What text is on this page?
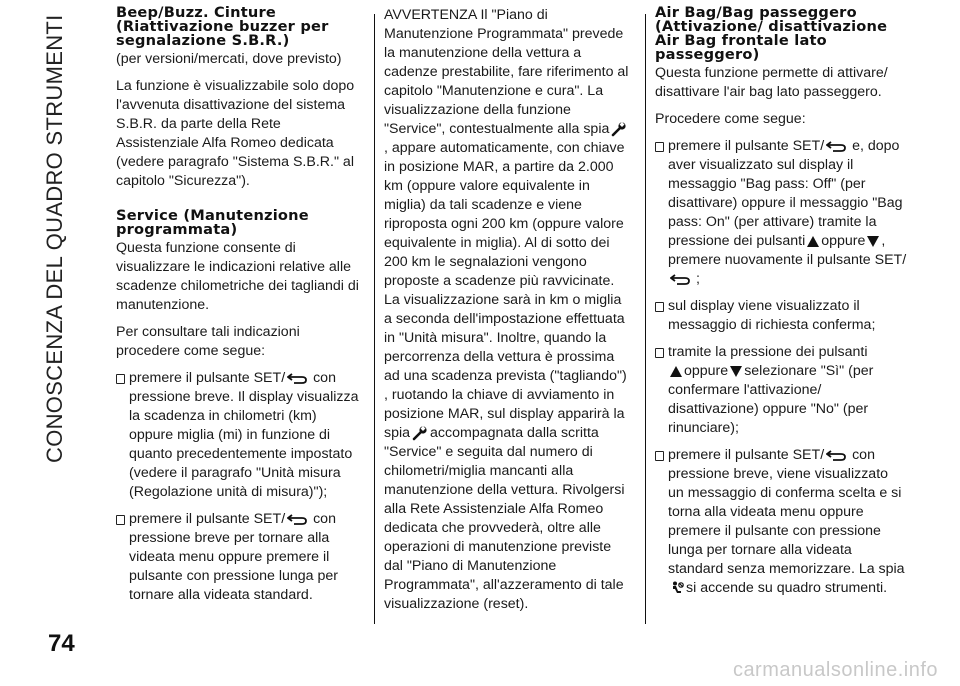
CONOSCENZA DEL QUADRO STRUMENTI
74
Beep/Buzz. Cinture (Riattivazione buzzer per segnalazione S.B.R.)

(per versioni/mercati, dove previsto)

La funzione è visualizzabile solo dopo l'avvenuta disattivazione del sistema S.B.R. da parte della Rete Assistenziale Alfa Romeo dedicata (vedere paragrafo "Sistema S.B.R." al capitolo "Sicurezza").

Service (Manutenzione programmata)

Questa funzione consente di visualizzare le indicazioni relative alle scadenze chilometriche dei tagliandi di manutenzione.

Per consultare tali indicazioni procedere come segue:

premere il pulsante SET/
con pressione breve. Il display visualizza la scadenza in chilometri (km) oppure miglia (mi) in funzione di quanto precedentemente impostato (vedere il paragrafo "Unità misura (Regolazione unità di misura)");
premere il pulsante SET/
con pressione breve per tornare alla videata menu oppure premere il pulsante con pressione lunga per tornare alla videata standard.

AVVERTENZA Il "Piano di Manutenzione Programmata" prevede la manutenzione della vettura a cadenze prestabilite, fare riferimento al capitolo "Manutenzione e cura". La visualizzazione della funzione "Service", contestualmente alla spia
, appare automaticamente, con chiave in posizione MAR, a partire da 2.000 km (oppure valore equivalente in miglia) da tali scadenze e viene riproposta ogni 200 km (oppure valore equivalente in miglia). Al di sotto dei 200 km le segnalazioni vengono proposte a scadenze più ravvicinate. La visualizzazione sarà in km o miglia a seconda dell'impostazione effettuata in "Unità misura". Inoltre, quando la percorrenza della vettura è prossima ad una scadenza prevista ("tagliando") , ruotando la chiave di avviamento in posizione MAR, sul display apparirà la spia accompagnata dalla scritta "Service" e seguita dal numero di chilometri/miglia mancanti alla manutenzione della vettura. Rivolgersi alla Rete Assistenziale Alfa Romeo dedicata che provvederà, oltre alle operazioni di manutenzione previste dal "Piano di Manutenzione Programmata", all'azzeramento di tale visualizzazione (reset).

Air Bag/Bag passeggero (Attivazione/ disattivazione Air Bag frontale lato passeggero)

Questa funzione permette di attivare/ disattivare l'air bag lato passeggero.

Procedere come segue:

premere il pulsante SET/
e, dopo aver visualizzato sul display il messaggio "Bag pass: Off" (per disattivare) oppure il messaggio "Bag pass: On" (per attivare) tramite la pressione dei pulsanti oppure , premere nuovamente il pulsante SET/
;
sul display viene visualizzato il messaggio di richiesta conferma;
tramite la pressione dei pulsanti

oppure selezionare "Sì" (per confermare l'attivazione/ disattivazione) oppure "No" (per rinunciare);
premere il pulsante SET/
con pressione breve, viene visualizzato un messaggio di conferma scelta e si torna alla videata menu oppure premere il pulsante con pressione lunga per tornare alla videata standard senza memorizzare. La spia

si accende su quadro strumenti.
carmanualsonline.info
